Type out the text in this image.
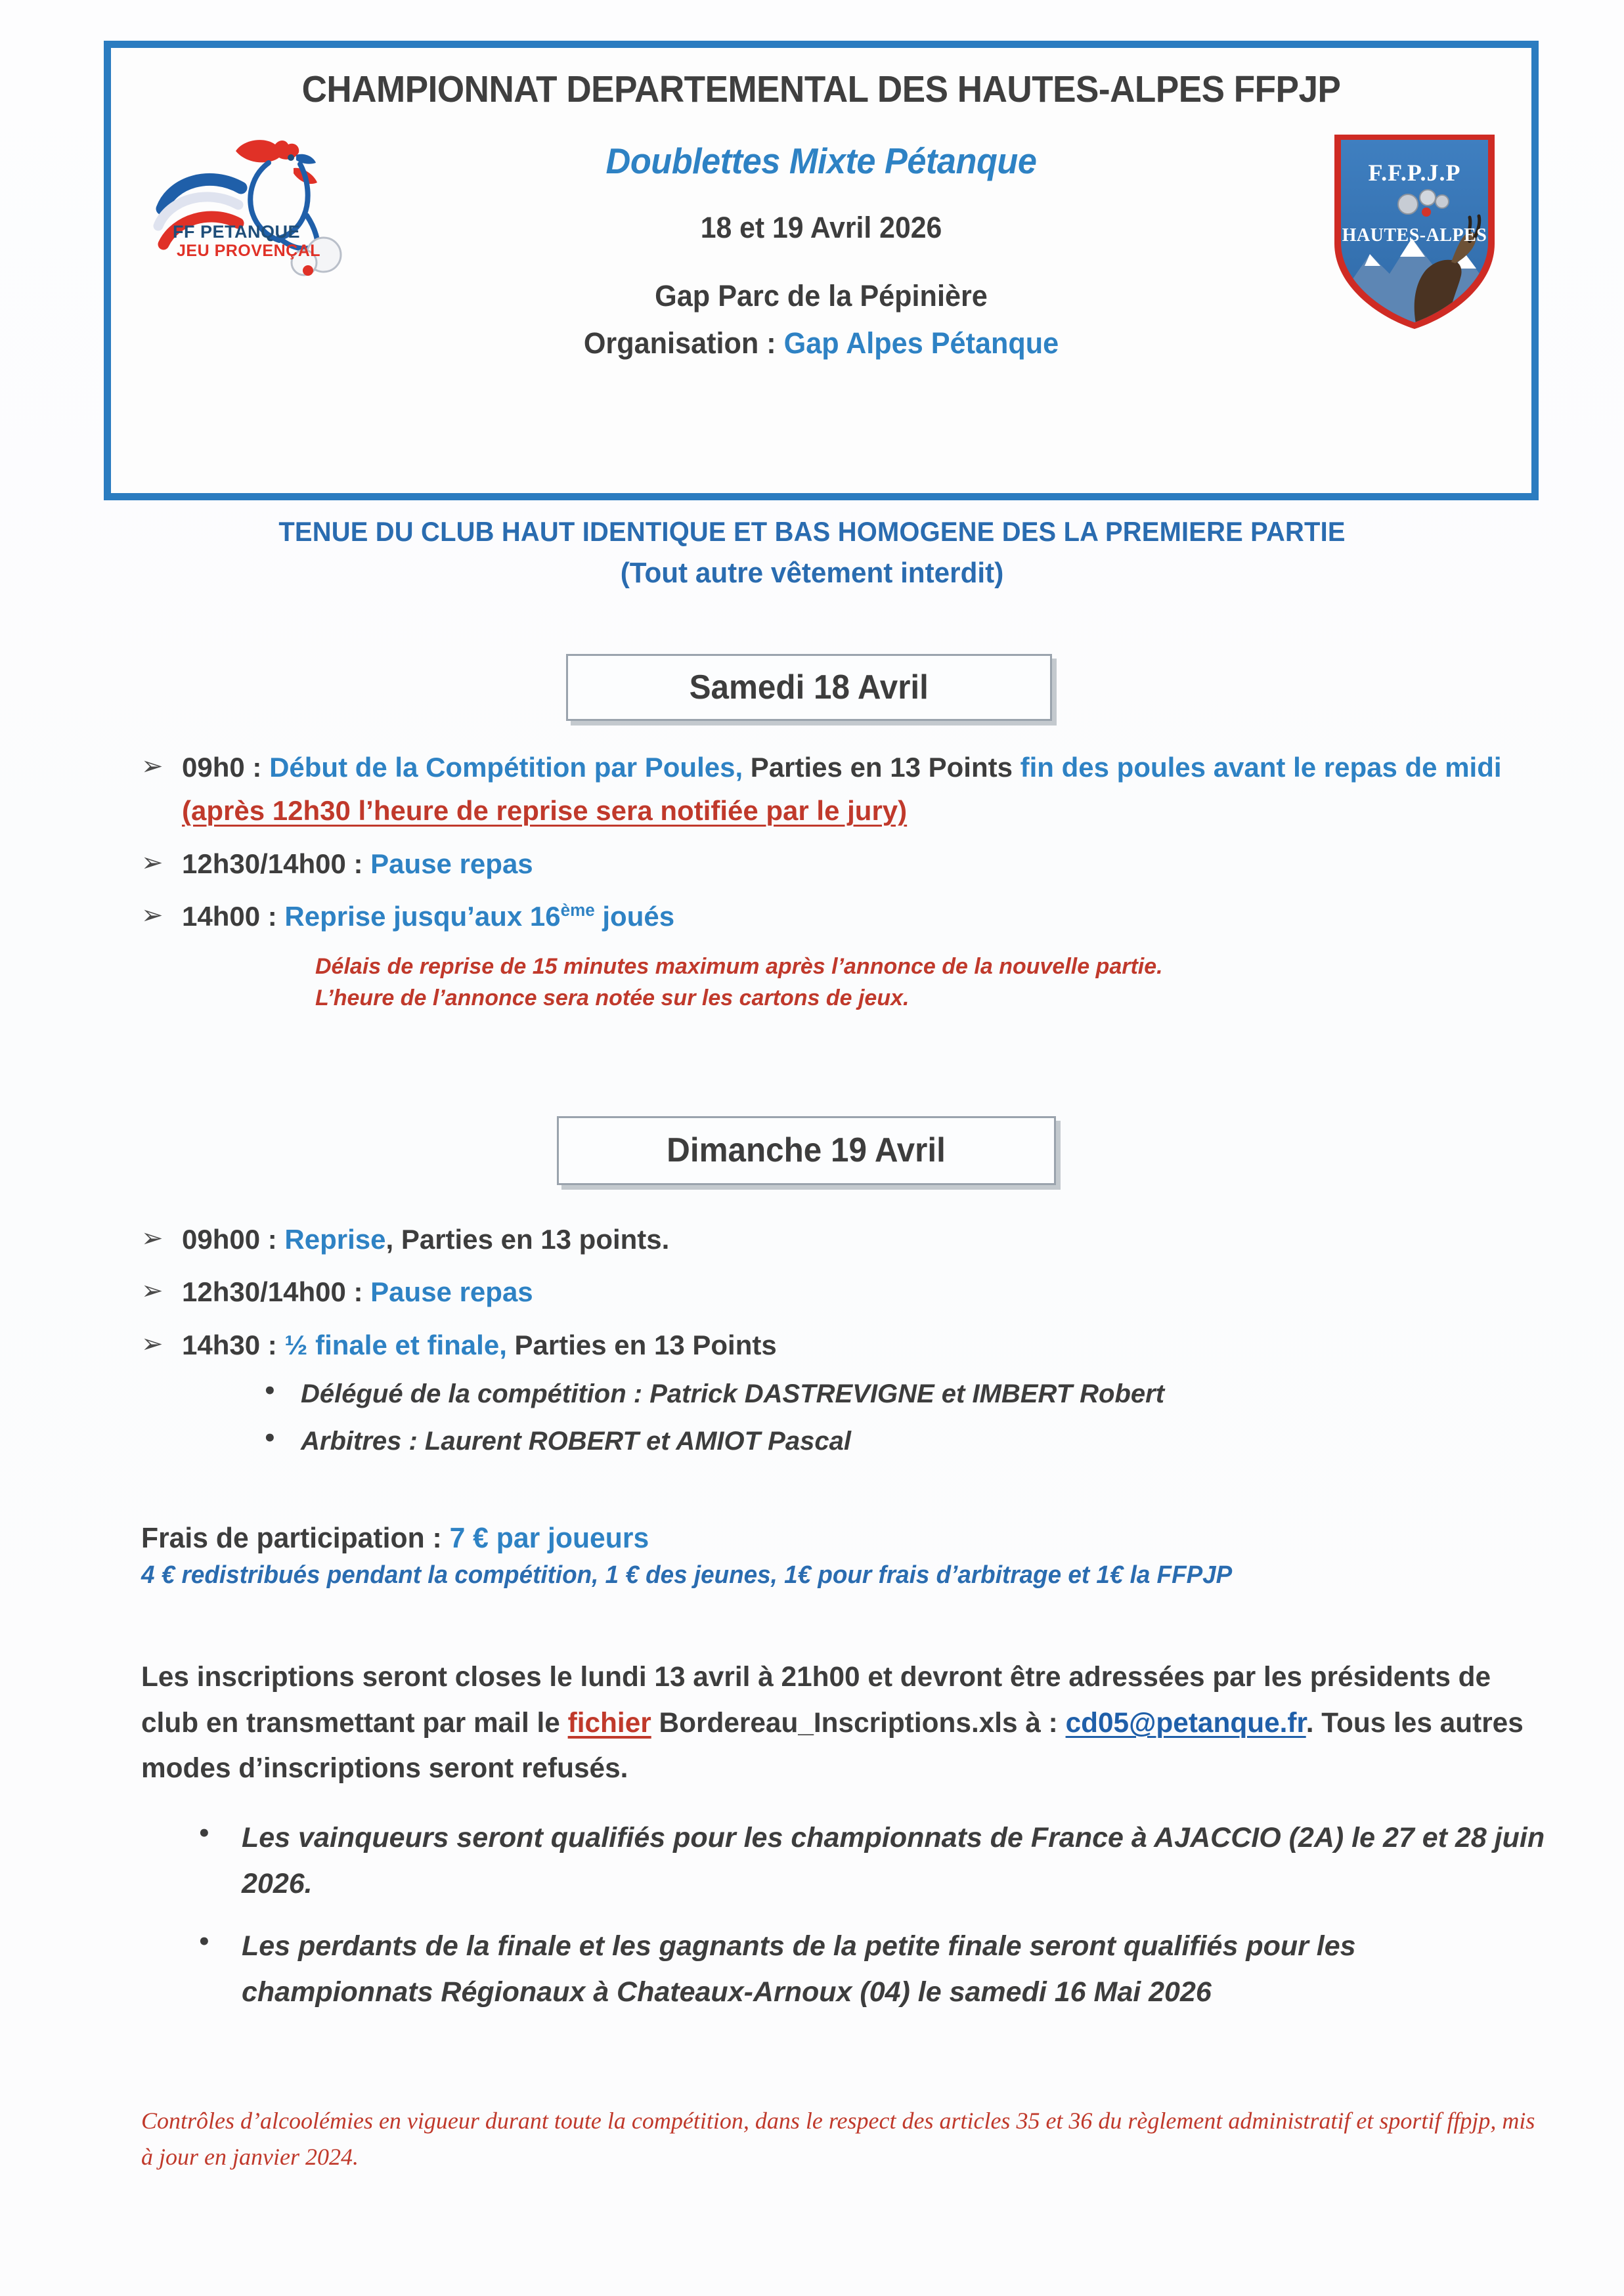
CHAMPIONNAT DEPARTEMENTAL DES HAUTES-ALPES FFPJP
FF PETANQUE
JEU PROVENÇAL
F.F.P.J.P
HAUTES-ALPES
Doublettes Mixte Pétanque
18 et 19 Avril 2026
Gap Parc de la Pépinière
Organisation : Gap Alpes Pétanque
TENUE DU CLUB HAUT IDENTIQUE ET BAS HOMOGENE DES LA PREMIERE PARTIE
(Tout autre vêtement interdit)
Samedi 18 Avril
➢ 09h0 : Début de la Compétition par Poules, Parties en 13 Points fin des poules avant le repas de midi (après 12h30 l’heure de reprise sera notifiée par le jury)
➢ 12h30/14h00 : Pause repas
➢ 14h00 : Reprise jusqu’aux 16ème joués
Délais de reprise de 15 minutes maximum après l’annonce de la nouvelle partie.
L’heure de l’annonce sera notée sur les cartons de jeux.
Dimanche 19 Avril
➢ 09h00 : Reprise, Parties en 13 points.
➢ 12h30/14h00 : Pause repas
➢ 14h30 : ½ finale et finale, Parties en 13 Points
• Délégué de la compétition : Patrick DASTREVIGNE et IMBERT Robert
• Arbitres : Laurent ROBERT et AMIOT Pascal
Frais de participation : 7 € par joueurs
4 € redistribués pendant la compétition, 1 € des jeunes, 1€ pour frais d’arbitrage et 1€ la FFPJP
Les inscriptions seront closes le lundi 13 avril à 21h00 et devront être adressées par les présidents de club en transmettant par mail le fichier Bordereau_Inscriptions.xls à : cd05@petanque.fr. Tous les autres modes d’inscriptions seront refusés.
•	Les vainqueurs seront qualifiés pour les championnats de France à AJACCIO (2A) le 27 et 28 juin 2026.
•	Les perdants de la finale et les gagnants de la petite finale seront qualifiés pour les championnats Régionaux à Chateaux-Arnoux (04) le samedi 16 Mai 2026
Contrôles d’alcoolémies en vigueur durant toute la compétition, dans le respect des articles 35 et 36 du règlement administratif et sportif ffpjp, mis à jour en janvier 2024.
